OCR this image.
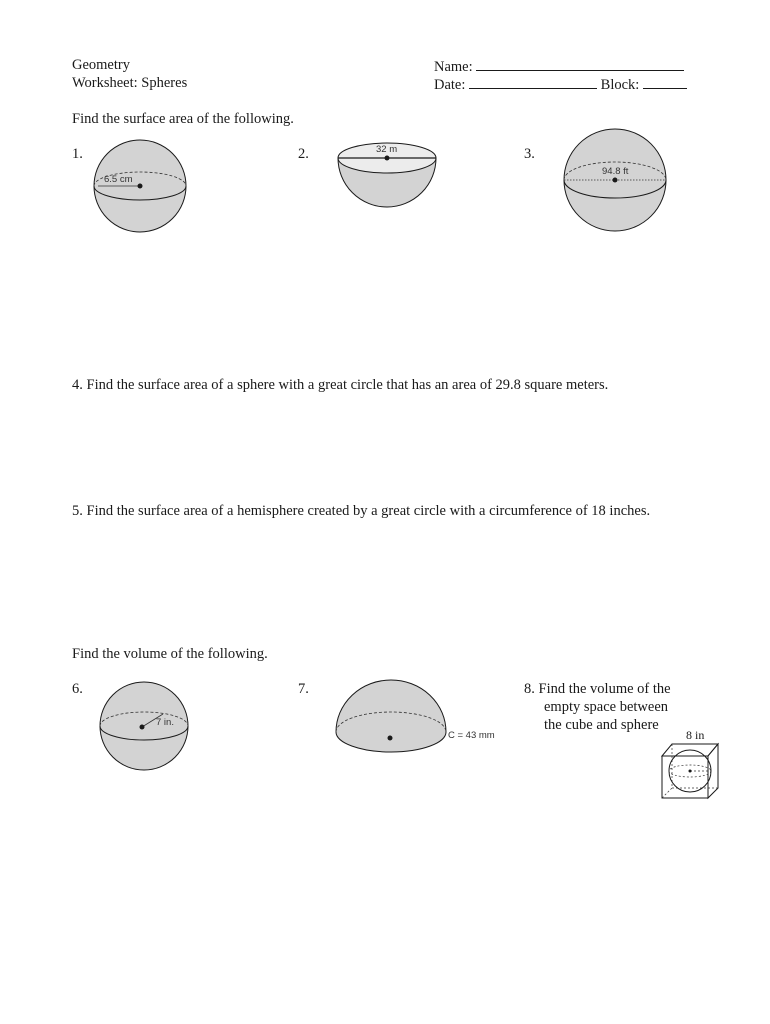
Geometry
Worksheet: Spheres
Name:
Date:	Block:
Find the surface area of the following.
1.	2.	3.
6.5 cm
32 m
94.8 ft
4. Find the surface area of a sphere with a great circle that has an area of 29.8 square meters.
5. Find the surface area of a hemisphere created by a great circle with a circumference of 18 inches.
Find the volume of the following.
6.	7.	8. Find the volume of the
empty space between
the cube and sphere
7 in.
C = 43 mm	8 in
